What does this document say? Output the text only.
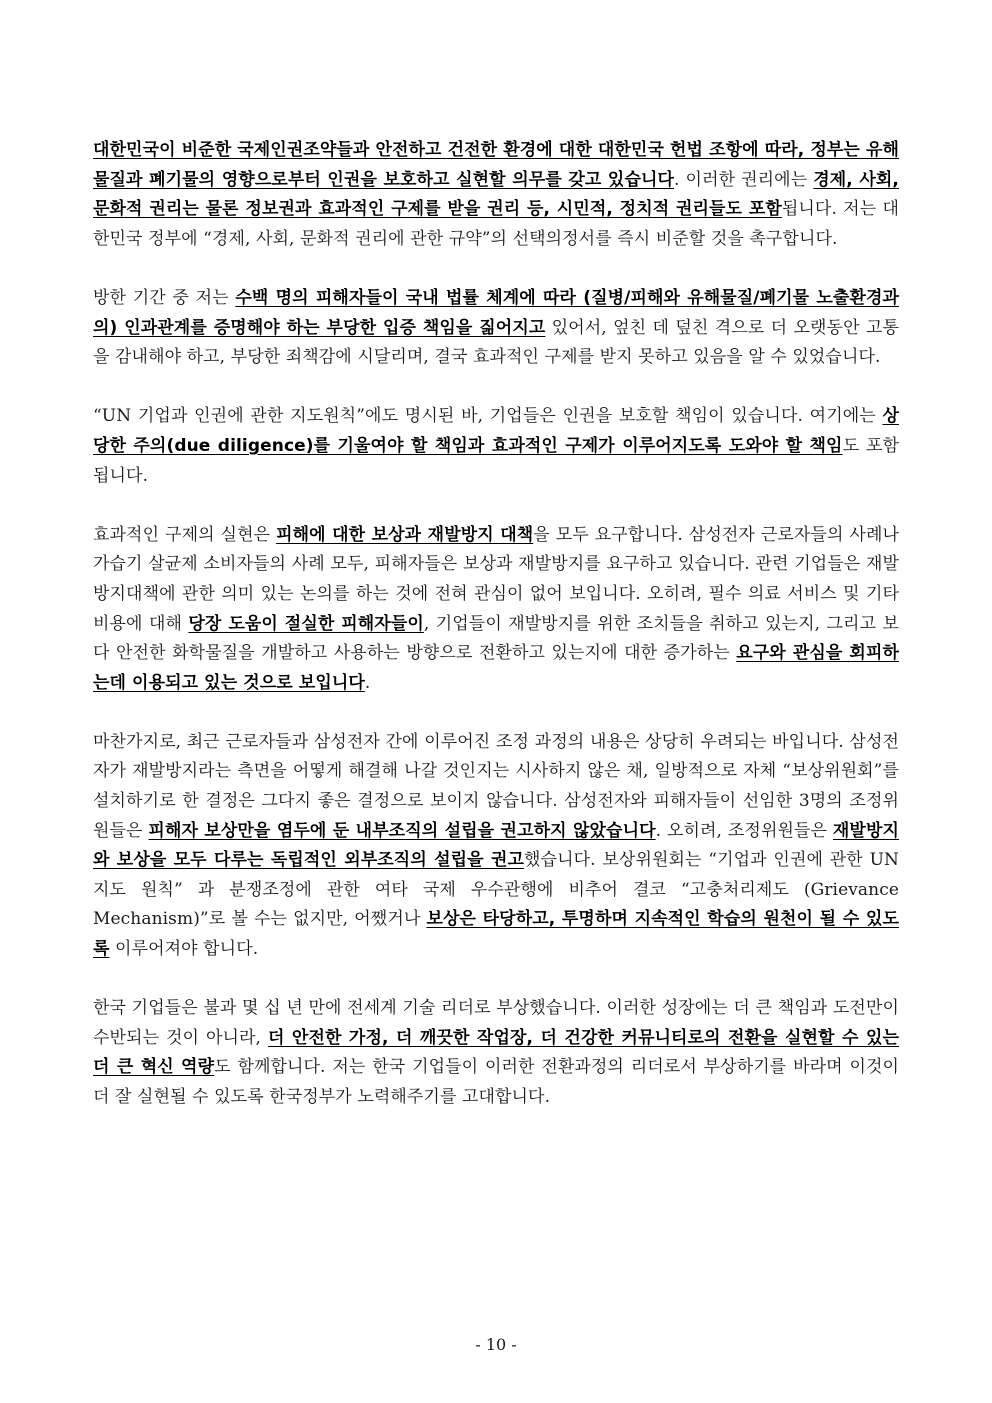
대한민국이 비준한 국제인권조약들과 안전하고 건전한 환경에 대한 대한민국 헌법 조항에 따라, 정부는 유해물질과 폐기물의 영향으로부터 인권을 보호하고 실현할 의무를 갖고 있습니다. 이러한 권리에는 경제, 사회, 문화적 권리는 물론 정보권과 효과적인 구제를 받을 권리 등, 시민적, 정치적 권리들도 포함됩니다. 저는 대한민국 정부에 “경제, 사회, 문화적 권리에 관한 규약”의 선택의정서를 즉시 비준할 것을 촉구합니다.

방한 기간 중 저는 수백 명의 피해자들이 국내 법률 체계에 따라 (질병/피해와 유해물질/폐기물 노출환경과의) 인과관계를 증명해야 하는 부당한 입증 책임을 짊어지고 있어서, 엎친 데 덮친 격으로 더 오랫동안 고통을 감내해야 하고, 부당한 죄책감에 시달리며, 결국 효과적인 구제를 받지 못하고 있음을 알 수 있었습니다.

“UN 기업과 인권에 관한 지도원칙”에도 명시된 바, 기업들은 인권을 보호할 책임이 있습니다. 여기에는 상당한 주의(due diligence)를 기울여야 할 책임과 효과적인 구제가 이루어지도록 도와야 할 책임도 포함됩니다.

효과적인 구제의 실현은 피해에 대한 보상과 재발방지 대책을 모두 요구합니다. 삼성전자 근로자들의 사례나 가습기 살균제 소비자들의 사례 모두, 피해자들은 보상과 재발방지를 요구하고 있습니다. 관련 기업들은 재발방지대책에 관한 의미 있는 논의를 하는 것에 전혀 관심이 없어 보입니다. 오히려, 필수 의료 서비스 및 기타 비용에 대해 당장 도움이 절실한 피해자들이, 기업들이 재발방지를 위한 조치들을 취하고 있는지, 그리고 보다 안전한 화학물질을 개발하고 사용하는 방향으로 전환하고 있는지에 대한 증가하는 요구와 관심을 회피하는데 이용되고 있는 것으로 보입니다.

마찬가지로, 최근 근로자들과 삼성전자 간에 이루어진 조정 과정의 내용은 상당히 우려되는 바입니다. 삼성전자가 재발방지라는 측면을 어떻게 해결해 나갈 것인지는 시사하지 않은 채, 일방적으로 자체 “보상위원회”를 설치하기로 한 결정은 그다지 좋은 결정으로 보이지 않습니다. 삼성전자와 피해자들이 선임한 3명의 조정위원들은 피해자 보상만을 염두에 둔 내부조직의 설립을 권고하지 않았습니다. 오히려, 조정위원들은 재발방지와 보상을 모두 다루는 독립적인 외부조직의 설립을 권고했습니다. 보상위원회는 “기업과 인권에 관한 UN 지도 원칙” 과 분쟁조정에 관한 여타 국제 우수관행에 비추어 결코 “고충처리제도 (Grievance Mechanism)”로 볼 수는 없지만, 어쨌거나 보상은 타당하고, 투명하며 지속적인 학습의 원천이 될 수 있도록 이루어져야 합니다.

한국 기업들은 불과 몇 십 년 만에 전세계 기술 리더로 부상했습니다. 이러한 성장에는 더 큰 책임과 도전만이 수반되는 것이 아니라, 더 안전한 가정, 더 깨끗한 작업장, 더 건강한 커뮤니티로의 전환을 실현할 수 있는 더 큰 혁신 역량도 함께합니다. 저는 한국 기업들이 이러한 전환과정의 리더로서 부상하기를 바라며 이것이 더 잘 실현될 수 있도록 한국정부가 노력해주기를 고대합니다.

- 10 -
